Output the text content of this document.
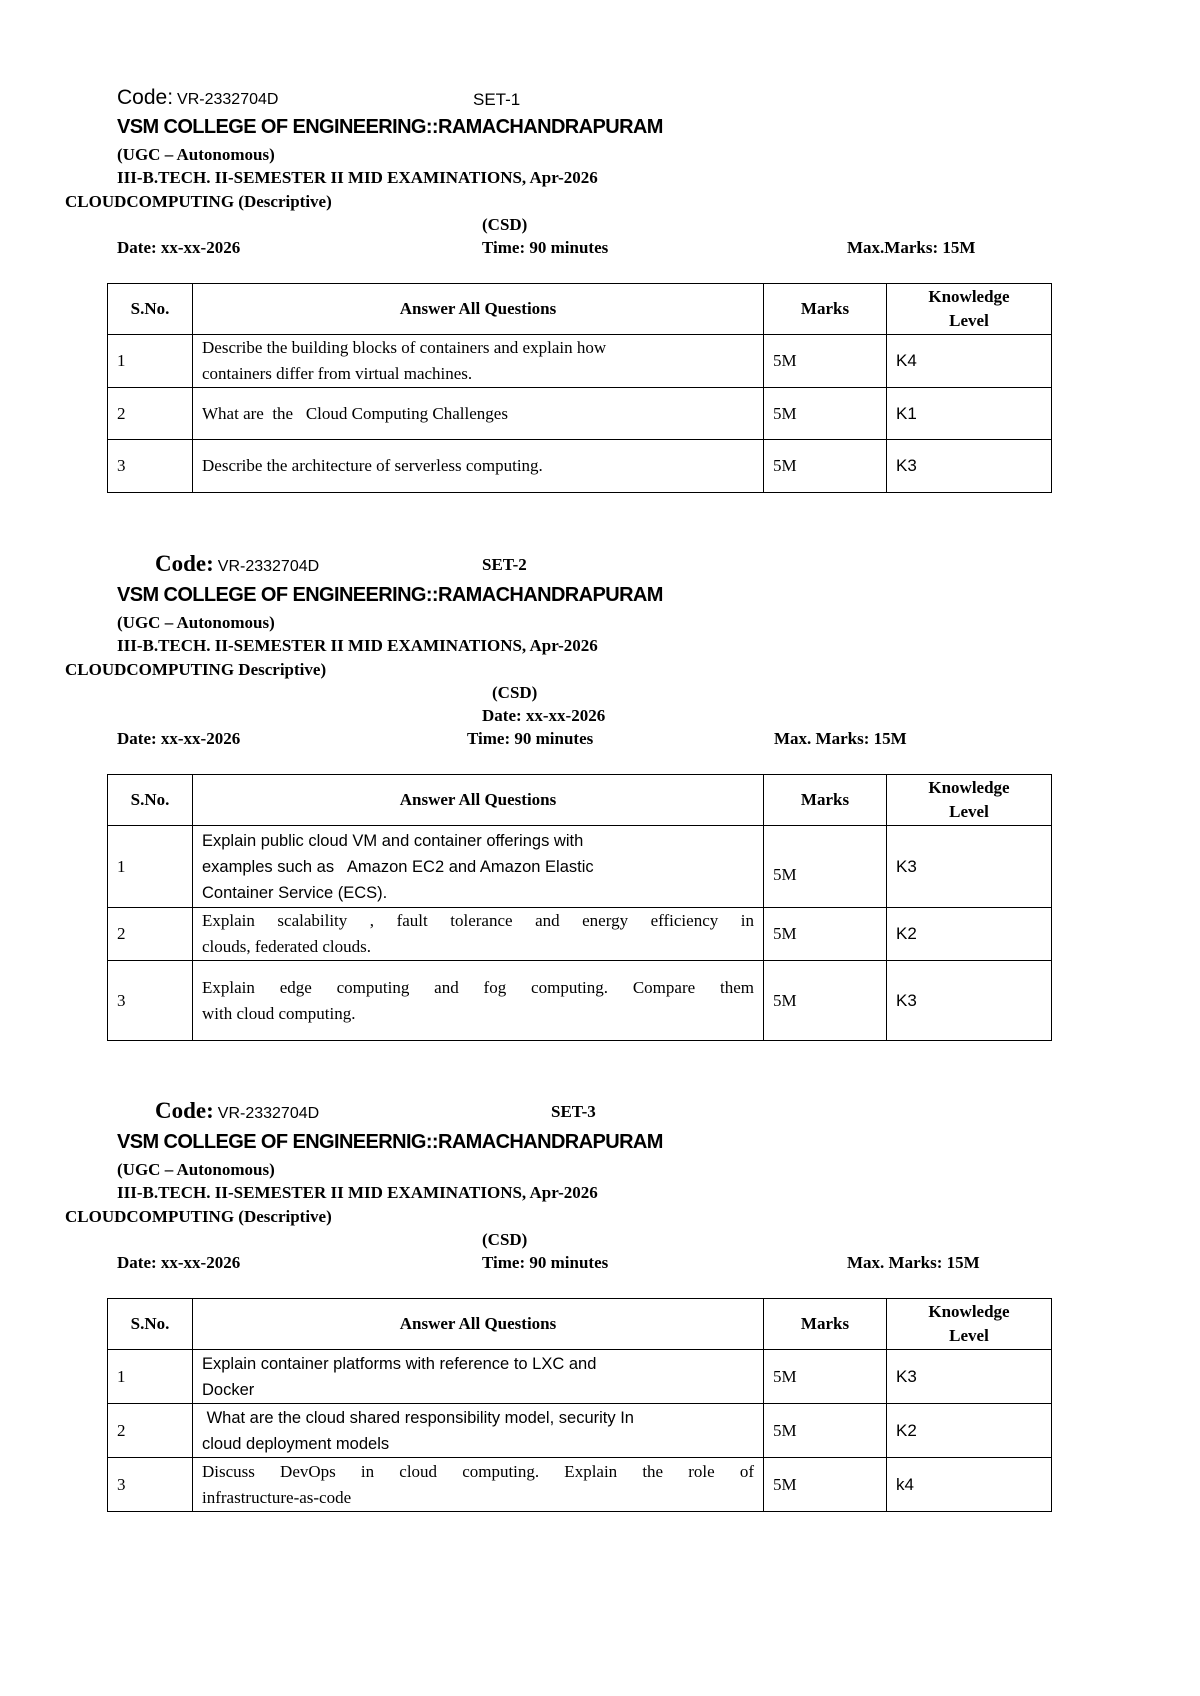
Code: VR-2332704D	SET-1
VSM COLLEGE OF ENGINEERING::RAMACHANDRAPURAM
(UGC – Autonomous)
III-B.TECH. II-SEMESTER II MID EXAMINATIONS, Apr-2026
CLOUDCOMPUTING (Descriptive)
(CSD)
Date: xx-xx-2026	Time: 90 minutes	Max.Marks: 15M
S.No.	Answer All Questions	Marks	Knowledge
Level
1	Describe the building blocks of containers and explain how
containers differ from virtual machines.	5M	K4
2	What are  the   Cloud Computing Challenges	5M	K1
3	Describe the architecture of serverless computing.	5M	K3
Code: VR-2332704D	SET-2
VSM COLLEGE OF ENGINEERING::RAMACHANDRAPURAM
(UGC – Autonomous)
III-B.TECH. II-SEMESTER II MID EXAMINATIONS, Apr-2026
CLOUDCOMPUTING Descriptive)
(CSD)
Date: xx-xx-2026
Date: xx-xx-2026	Time: 90 minutes	Max. Marks: 15M
S.No.	Answer All Questions	Marks	Knowledge
Level
1	Explain public cloud VM and container offerings with
examples such as   Amazon EC2 and Amazon Elastic
Container Service (ECS).	5M	K3
2	Explain scalability , fault tolerance and energy efficiency in
clouds, federated clouds.	5M	K2
3	Explain edge computing and fog computing. Compare them
with cloud computing.	5M	K3
Code: VR-2332704D	SET-3
VSM COLLEGE OF ENGINEERNIG::RAMACHANDRAPURAM
(UGC – Autonomous)
III-B.TECH. II-SEMESTER II MID EXAMINATIONS, Apr-2026
CLOUDCOMPUTING (Descriptive)
(CSD)
Date: xx-xx-2026	Time: 90 minutes	Max. Marks: 15M
S.No.	Answer All Questions	Marks	Knowledge
Level
1	Explain container platforms with reference to LXC and
Docker	5M	K3
2	What are the cloud shared responsibility model, security In
cloud deployment models	5M	K2
3	Discuss DevOps in cloud computing. Explain the role of
infrastructure-as-code	5M	k4
